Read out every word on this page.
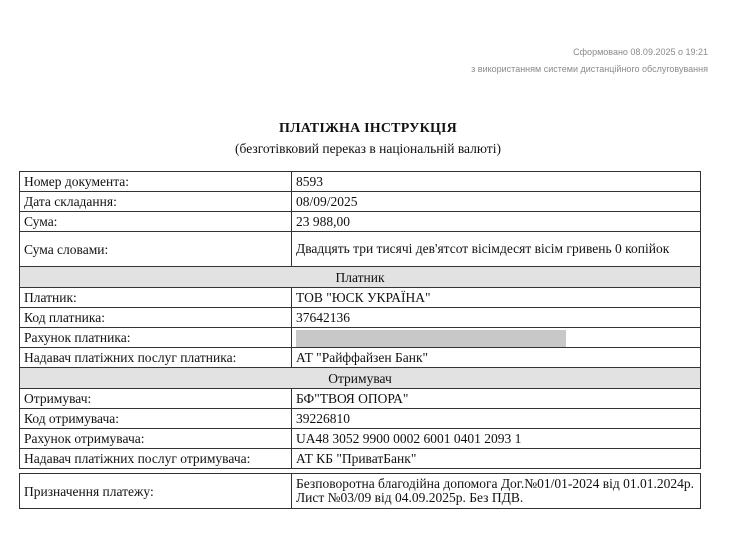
Сформовано 08.09.2025 о 19:21
з використанням системи дистанційного обслуговування
ПЛАТІЖНА ІНСТРУКЦІЯ
(безготівковий переказ в національній валюті)
Номер документа:	8593
Дата складання:	08/09/2025
Сума:	23 988,00
Сума словами:	Двадцять три тисячі дев'ятсот вісімдесят вісім гривень 0 копійок
Платник	
Платник:	ТОВ "ЮСК УКРАЇНА"
Код платника:	37642136
Рахунок платника:	
Надавач платіжних послуг платника:	АТ "Райффайзен Банк"
Отримувач	
Отримувач:	БФ"ТВОЯ ОПОРА"
Код отримувача:	39226810
Рахунок отримувача:	UA48 3052 9900 0002 6001 0401 2093 1
Надавач платіжних послуг отримувача:	АТ КБ "ПриватБанк"

Призначення платежу:	Безповоротна благодійна допомога Дог.№01/01-2024 від 01.01.2024р. Лист №03/09 від 04.09.2025р. Без ПДВ.
